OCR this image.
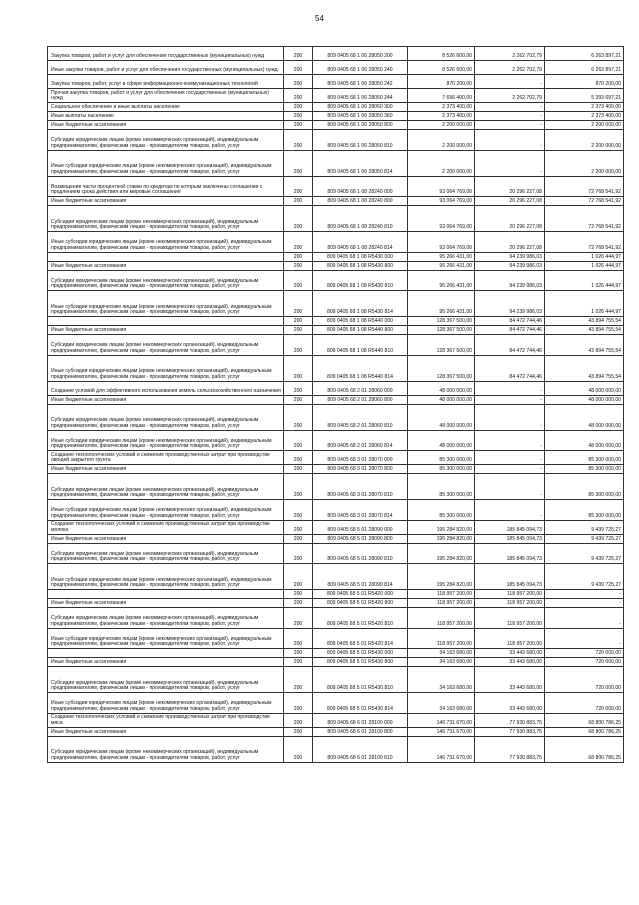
54
Закупка товаров, работ и услуг для обеспечения государственных (муниципальных) нужд	200	809 0405 68 1 06 28050 200	8 526 600,00	2 262 702,79	6 263 897,21
Иные закупки товаров, работ и услуг для обеспечения государственных (муниципальных) нужд	200	809 0405 68 1 06 28050 240	8 526 600,00	2 262 702,79	6 263 897,21
Закупка товаров, работ, услуг в сфере информационно-коммуникационных технологий	200	809 0405 68 1 06 28050 242	870 200,00	-	870 200,00
Прочая закупка товаров, работ и услуг для обеспечения государственных (муниципальных) нужд	200	809 0405 68 1 06 28050 244	7 656 400,00	2 262 702,79	5 393 697,21
Социальное обеспечение и иные выплаты населению	200	809 0405 68 1 06 28050 300	2 373 400,00	-	2 373 400,00
Иные выплаты населению	200	809 0405 68 1 06 28050 360	2 373 400,00	-	2 373 400,00
Иные бюджетные ассигнования	200	809 0405 68 1 06 28050 800	2 200 000,00	-	2 200 000,00
Субсидии юридическим лицам (кроме некоммерческих организаций), индивидуальным предпринимателям, физическим лицам - производителям товаров, работ, услуг	200	809 0405 68 1 06 28050 810	2 200 000,00	-	2 200 000,00
Иные субсидии юридическим лицам (кроме некоммерческих организаций), индивидуальным предпринимателям, физическим лицам - производителям товаров, работ, услуг	200	809 0405 68 1 06 28050 814	2 200 000,00	-	2 200 000,00
Возмещение части процентной ставки по кредитам по которым заключены соглашения с продлением срока действия или мировые соглашения	200	809 0405 68 1 08 28240 000	93 064 769,00	20 296 227,08	72 768 541,92
Иные бюджетные ассигнования	200	809 0405 68 1 08 28240 800	93 064 769,00	20 296 227,08	72 768 541,92
Субсидии юридическим лицам (кроме некоммерческих организаций), индивидуальным предпринимателям, физическим лицам - производителям товаров, работ, услуг	200	809 0405 68 1 08 28240 810	93 064 769,00	20 296 227,08	72 768 541,92
Иные субсидии юридическим лицам (кроме некоммерческих организаций), индивидуальным предпринимателям, физическим лицам - производителям товаров, работ, услуг	200	809 0405 68 1 08 28240 814	93 064 769,00	20 296 227,08	72 768 541,92
	200	809 0405 68 1 08 R5430 000	95 266 431,00	94 239 986,03	1 026 444,97
Иные бюджетные ассигнования	200	809 0405 68 1 08 R5430 800	95 266 431,00	94 239 986,03	1 026 444,97
Субсидии юридическим лицам (кроме некоммерческих организаций), индивидуальным предпринимателям, физическим лицам - производителям товаров, работ, услуг	200	809 0405 68 1 08 R5430 810	95 266 431,00	94 239 986,03	1 026 444,97
Иные субсидии юридическим лицам (кроме некоммерческих организаций), индивидуальным предпринимателям, физическим лицам - производителям товаров, работ, услуг	200	809 0405 68 1 08 R5430 814	95 266 431,00	94 239 986,03	1 026 444,97
	200	809 0405 68 1 08 R5440 000	128 367 500,00	84 472 744,46	43 894 755,54
Иные бюджетные ассигнования	200	809 0405 68 1 08 R5440 800	128 367 500,00	84 472 744,46	43 894 755,54
Субсидии юридическим лицам (кроме некоммерческих организаций), индивидуальным предпринимателям, физическим лицам - производителям товаров, работ, услуг	200	809 0405 68 1 08 R5440 810	128 367 500,00	84 472 744,46	43 894 755,54
Иные субсидии юридическим лицам (кроме некоммерческих организаций), индивидуальным предпринимателям, физическим лицам - производителям товаров, работ, услуг	200	809 0405 68 1 08 R5440 814	128 367 500,00	84 472 744,46	43 894 755,54
Создание условий для эффективного использования земель сельскохозяйственного назначения	200	809 0405 68 2 01 28060 000	48 000 000,00	-	48 000 000,00
Иные бюджетные ассигнования	200	809 0405 68 2 01 28060 800	48 000 000,00	-	48 000 000,00
Субсидии юридическим лицам (кроме некоммерческих организаций), индивидуальным предпринимателям, физическим лицам - производителям товаров, работ, услуг	200	809 0405 68 2 01 28060 810	48 000 000,00	-	48 000 000,00
Иные субсидии юридическим лицам (кроме некоммерческих организаций), индивидуальным предпринимателям, физическим лицам - производителям товаров, работ, услуг	200	809 0405 68 2 01 28060 814	48 000 000,00	-	48 000 000,00
Создание технологических условий и снижение производственных затрат при производстве овощей закрытого грунта	200	809 0405 68 3 01 28070 000	85 300 000,00	-	85 300 000,00
Иные бюджетные ассигнования	200	809 0405 68 3 01 28070 800	85 300 000,00	-	85 300 000,00
Субсидии юридическим лицам (кроме некоммерческих организаций), индивидуальным предпринимателям, физическим лицам - производителям товаров, работ, услуг	200	809 0405 68 3 01 28070 810	85 300 000,00	-	85 300 000,00
Иные субсидии юридическим лицам (кроме некоммерческих организаций), индивидуальным предпринимателям, физическим лицам - производителям товаров, работ, услуг	200	809 0405 68 3 01 28070 814	85 300 000,00	-	85 300 000,00
Создание технологических условий и снижение производственных затрат при производстве молока	200	809 0405 68 5 01 28090 000	195 284 820,00	185 845 094,73	9 439 725,27
Иные бюджетные ассигнования	200	809 0405 68 5 01 28090 800	195 284 820,00	185 845 094,73	9 439 725,27
Субсидии юридическим лицам (кроме некоммерческих организаций), индивидуальным предпринимателям, физическим лицам - производителям товаров, работ, услуг	200	809 0405 68 5 01 28090 810	195 284 820,00	185 845 094,73	9 439 725,27
Иные субсидии юридическим лицам (кроме некоммерческих организаций), индивидуальным предпринимателям, физическим лицам - производителям товаров, работ, услуг	200	809 0405 68 5 01 28090 814	195 284 820,00	185 845 094,73	9 439 725,27
	200	809 0405 68 5 01 R5420 000	118 957 200,00	118 957 200,00	-
Иные бюджетные ассигнования	200	809 0405 68 5 01 R5420 800	118 957 200,00	118 957 200,00	-
Субсидии юридическим лицам (кроме некоммерческих организаций), индивидуальным предпринимателям, физическим лицам - производителям товаров, работ, услуг	200	809 0405 68 5 01 R5420 810	118 957 200,00	118 957 200,00	-
Иные субсидии юридическим лицам (кроме некоммерческих организаций), индивидуальным предпринимателям, физическим лицам - производителям товаров, работ, услуг	200	809 0405 68 5 01 R5420 814	118 957 200,00	118 957 200,00	-
	200	809 0405 68 5 01 R5430 000	34 163 680,00	33 443 680,00	720 000,00
Иные бюджетные ассигнования	200	809 0405 68 5 01 R5430 800	34 163 680,00	33 443 680,00	720 000,00
Субсидии юридическим лицам (кроме некоммерческих организаций), индивидуальным предпринимателям, физическим лицам - производителям товаров, работ, услуг	200	809 0405 68 5 01 R5430 810	34 163 680,00	33 443 680,00	720 000,00
Иные субсидии юридическим лицам (кроме некоммерческих организаций), индивидуальным предпринимателям, физическим лицам - производителям товаров, работ, услуг	200	809 0405 68 5 01 R5430 814	34 163 680,00	33 443 680,00	720 000,00
Создание технологических условий и снижение производственных затрат при производстве мяса	200	809 0405 68 6 01 28100 000	146 731 670,00	77 930 883,75	68 800 786,25
Иные бюджетные ассигнования	200	809 0405 68 6 01 28100 800	146 731 670,00	77 930 883,75	68 800 786,25
Субсидии юридическим лицам (кроме некоммерческих организаций), индивидуальным предпринимателям, физическим лицам - производителям товаров, работ, услуг	200	809 0405 68 6 01 28100 810	146 731 670,00	77 930 883,75	68 800 786,25
